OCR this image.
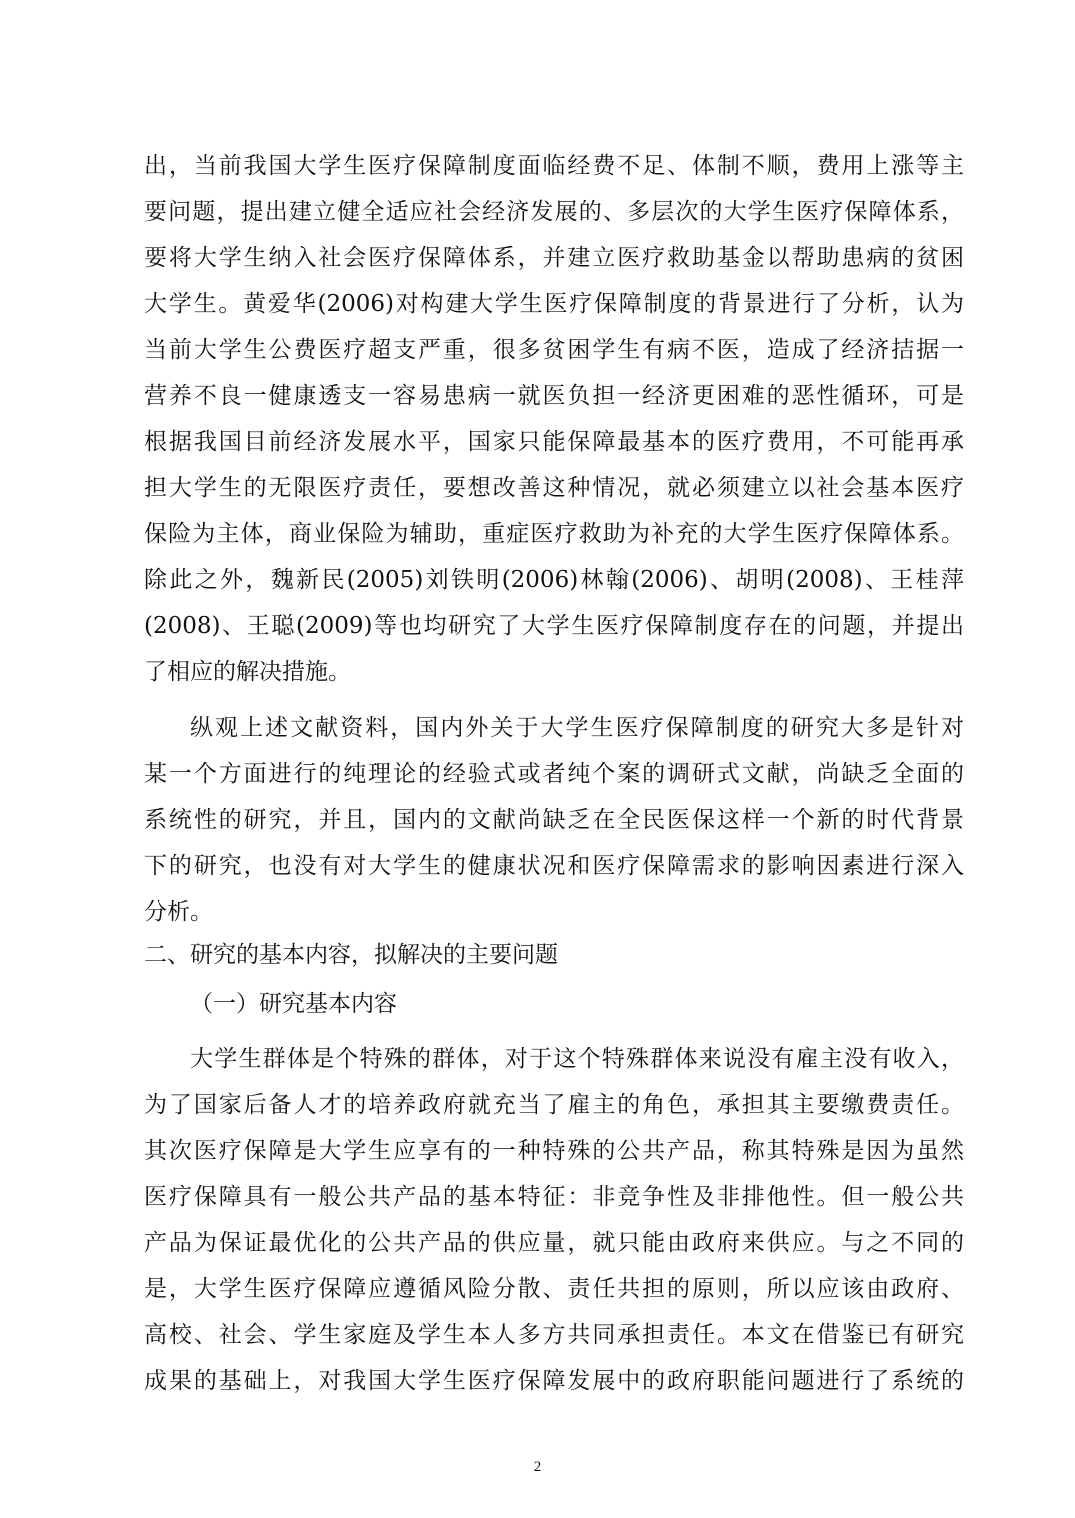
出，当前我国大学生医疗保障制度面临经费不足、体制不顺，费用上涨等主
要问题，提出建立健全适应社会经济发展的、多层次的大学生医疗保障体系，
要将大学生纳入社会医疗保障体系，并建立医疗救助基金以帮助患病的贫困
大学生。黄爱华(2006)对构建大学生医疗保障制度的背景进行了分析，认为
当前大学生公费医疗超支严重，很多贫困学生有病不医，造成了经济拮据一
营养不良一健康透支一容易患病一就医负担一经济更困难的恶性循环，可是
根据我国目前经济发展水平，国家只能保障最基本的医疗费用，不可能再承
担大学生的无限医疗责任，要想改善这种情况，就必须建立以社会基本医疗
保险为主体，商业保险为辅助，重症医疗救助为补充的大学生医疗保障体系。
除此之外，魏新民(2005)刘铁明(2006)林翰(2006)、胡明(2008)、王桂萍
(2008)、王聪(2009)等也均研究了大学生医疗保障制度存在的问题，并提出
了相应的解决措施。
纵观上述文献资料，国内外关于大学生医疗保障制度的研究大多是针对
某一个方面进行的纯理论的经验式或者纯个案的调研式文献，尚缺乏全面的
系统性的研究，并且，国内的文献尚缺乏在全民医保这样一个新的时代背景
下的研究，也没有对大学生的健康状况和医疗保障需求的影响因素进行深入
分析。
二、研究的基本内容，拟解决的主要问题
（一）研究基本内容
大学生群体是个特殊的群体，对于这个特殊群体来说没有雇主没有收入，
为了国家后备人才的培养政府就充当了雇主的角色，承担其主要缴费责任。
其次医疗保障是大学生应享有的一种特殊的公共产品，称其特殊是因为虽然
医疗保障具有一般公共产品的基本特征：非竞争性及非排他性。但一般公共
产品为保证最优化的公共产品的供应量，就只能由政府来供应。与之不同的
是，大学生医疗保障应遵循风险分散、责任共担的原则，所以应该由政府、
高校、社会、学生家庭及学生本人多方共同承担责任。本文在借鉴已有研究
成果的基础上，对我国大学生医疗保障发展中的政府职能问题进行了系统的
2
